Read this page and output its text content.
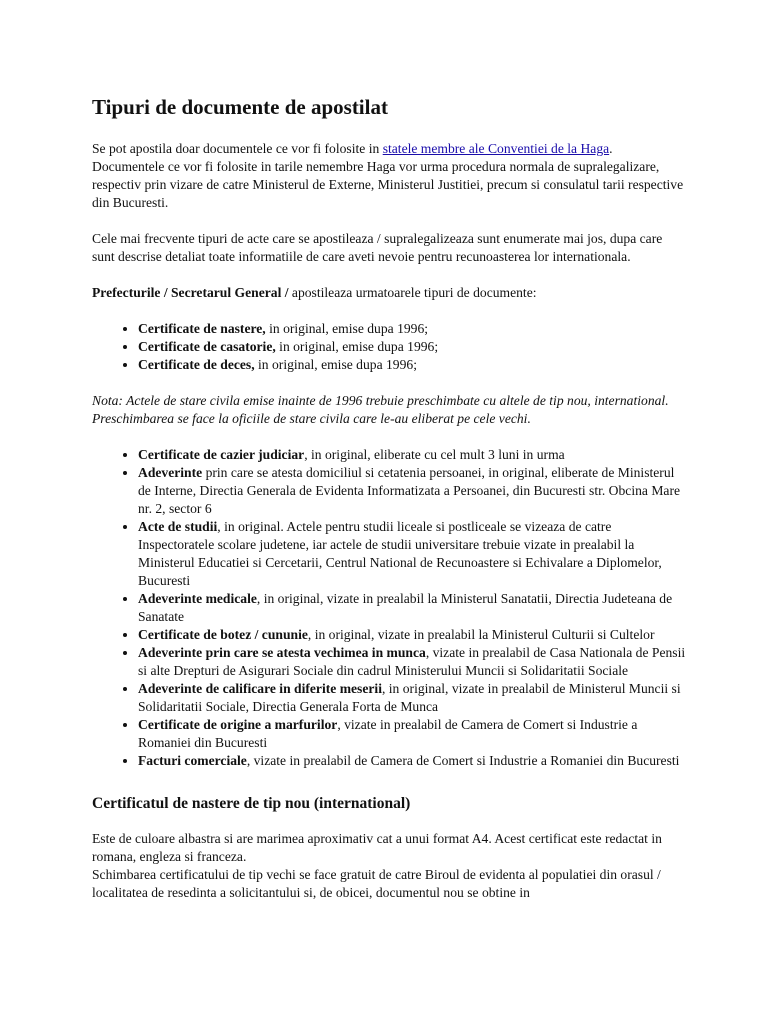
Tipuri de documente de apostilat

Se pot apostila doar documentele ce vor fi folosite in statele membre ale Conventiei de la Haga. Documentele ce vor fi folosite in tarile nemembre Haga vor urma procedura normala de supralegalizare, respectiv prin vizare de catre Ministerul de Externe, Ministerul Justitiei, precum si consulatul tarii respective din Bucuresti.

Cele mai frecvente tipuri de acte care se apostileaza / supralegalizeaza sunt enumerate mai jos, dupa care sunt descrise detaliat toate informatiile de care aveti nevoie pentru recunoasterea lor internationala.

Prefecturile / Secretarul General / apostileaza urmatoarele tipuri de documente:

• Certificate de nastere, in original, emise dupa 1996;
• Certificate de casatorie, in original, emise dupa 1996;
• Certificate de deces, in original, emise dupa 1996;

Nota: Actele de stare civila emise inainte de 1996 trebuie preschimbate cu altele de tip nou, international. Preschimbarea se face la oficiile de stare civila care le-au eliberat pe cele vechi.

• Certificate de cazier judiciar, in original, eliberate cu cel mult 3 luni in urma
• Adeverinte prin care se atesta domiciliul si cetatenia persoanei, in original, eliberate de Ministerul de Interne, Directia Generala de Evidenta Informatizata a Persoanei, din Bucuresti str. Obcina Mare nr. 2, sector 6
• Acte de studii, in original. Actele pentru studii liceale si postliceale se vizeaza de catre Inspectoratele scolare judetene, iar actele de studii universitare trebuie vizate in prealabil la Ministerul Educatiei si Cercetarii, Centrul National de Recunoastere si Echivalare a Diplomelor, Bucuresti
• Adeverinte medicale, in original, vizate in prealabil la Ministerul Sanatatii, Directia Judeteana de Sanatate
• Certificate de botez / cununie, in original, vizate in prealabil la Ministerul Culturii si Cultelor
• Adeverinte prin care se atesta vechimea in munca, vizate in prealabil de Casa Nationala de Pensii si alte Drepturi de Asigurari Sociale din cadrul Ministerului Muncii si Solidaritatii Sociale
• Adeverinte de calificare in diferite meserii, in original, vizate in prealabil de Ministerul Muncii si Solidaritatii Sociale, Directia Generala Forta de Munca
• Certificate de origine a marfurilor, vizate in prealabil de Camera de Comert si Industrie a Romaniei din Bucuresti
• Facturi comerciale, vizate in prealabil de Camera de Comert si Industrie a Romaniei din Bucuresti
Certificatul de nastere de tip nou (international)

Este de culoare albastra si are marimea aproximativ cat a unui format A4. Acest certificat este redactat in romana, engleza si franceza.

Schimbarea certificatului de tip vechi se face gratuit de catre Biroul de evidenta al populatiei din orasul / localitatea de resedinta a solicitantului si, de obicei, documentul nou se obtine in
